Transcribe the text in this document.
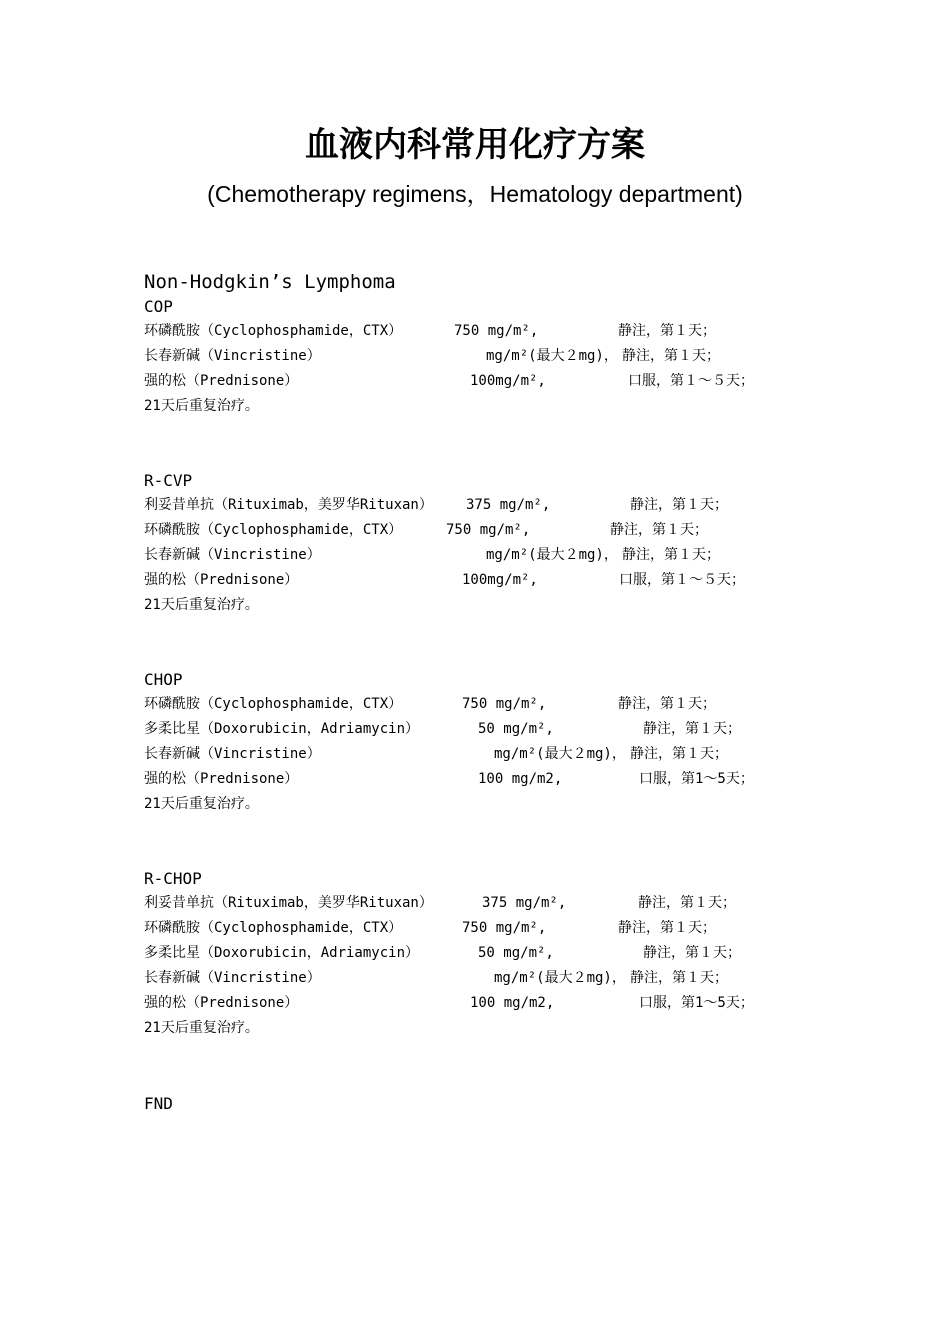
血液内科常用化疗方案
(Chemotherapy regimens，Hematology department)
Non-Hodgkin’s Lymphoma
COP
环磷酰胺（Cyclophosphamide，CTX）	750 mg/m²,	静注，第１天；
长春新碱（Vincristine）	mg/m²(最大２mg)， 静注，第１天；
强的松（Prednisone）	100mg/m²,	口服，第１～５天；
21天后重复治疗。
R-CVP
利妥昔单抗（Rituximab，美罗华Rituxan） 375 mg/m²,	静注，第１天；
环磷酰胺（Cyclophosphamide，CTX）	750 mg/m²,	静注，第１天；
长春新碱（Vincristine）	mg/m²(最大２mg)， 静注，第１天；
强的松（Prednisone）	100mg/m²,	口服，第１～５天；
21天后重复治疗。
CHOP
环磷酰胺（Cyclophosphamide，CTX）	750 mg/m²,	静注，第１天；
多柔比星（Doxorubicin，Adriamycin）	50 mg/m²,	静注，第１天；
长春新碱（Vincristine）	mg/m²(最大２mg)， 静注，第１天；
强的松（Prednisone）	100 mg/m2,	口服，第1～5天；
21天后重复治疗。
R-CHOP
利妥昔单抗（Rituximab，美罗华Rituxan）	375 mg/m²,	静注，第１天；
环磷酰胺（Cyclophosphamide，CTX）	750 mg/m²,	静注，第１天；
多柔比星（Doxorubicin，Adriamycin）	50 mg/m²,	静注，第１天；
长春新碱（Vincristine）	mg/m²(最大２mg)， 静注，第１天；
强的松（Prednisone）	100 mg/m2,	口服，第1～5天；
21天后重复治疗。
FND
